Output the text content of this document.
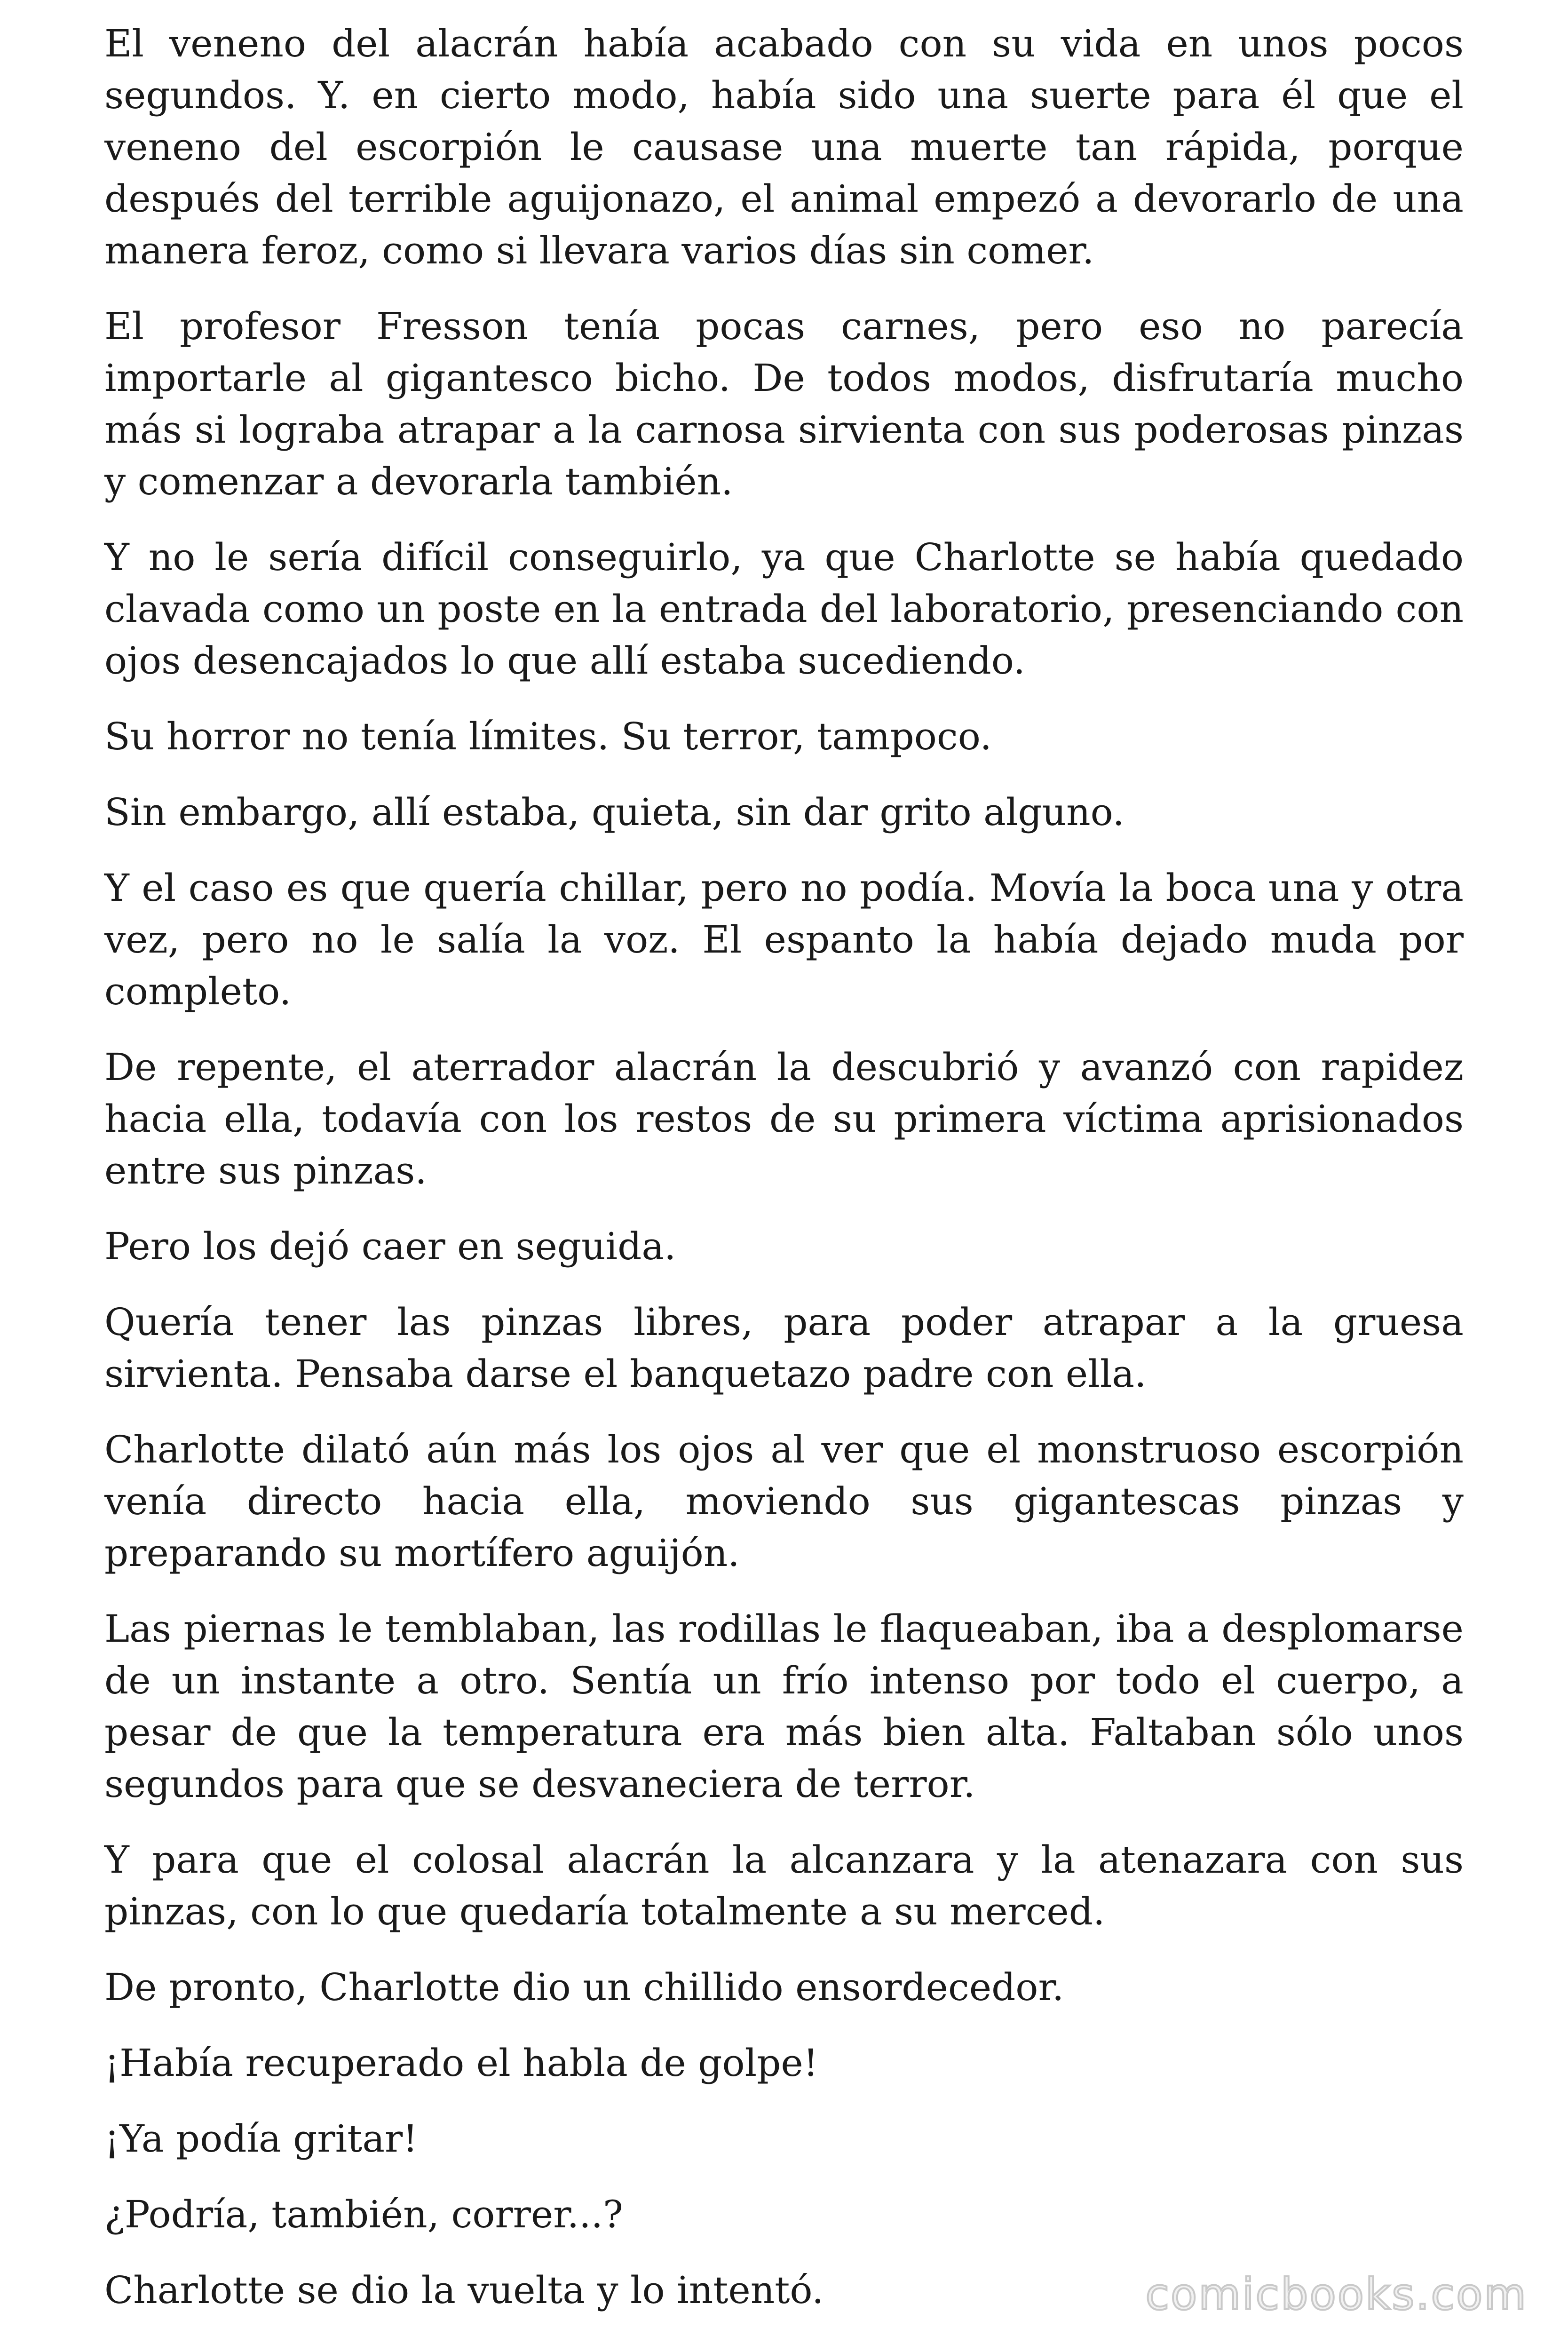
El veneno del alacrán había acabado con su vida en unos pocos segundos. Y. en cierto modo, había sido una suerte para él que el veneno del escorpión le causase una muerte tan rápida, porque después del terrible aguijonazo, el animal empezó a devorarlo de una manera feroz, como si llevara varios días sin comer.

El profesor Fresson tenía pocas carnes, pero eso no parecía importarle al gigantesco bicho. De todos modos, disfrutaría mucho más si lograba atrapar a la carnosa sirvienta con sus poderosas pinzas y comenzar a devorarla también.

Y no le sería difícil conseguirlo, ya que Charlotte se había quedado clavada como un poste en la entrada del laboratorio, presenciando con ojos desencajados lo que allí estaba sucediendo.

Su horror no tenía límites. Su terror, tampoco.

Sin embargo, allí estaba, quieta, sin dar grito alguno.

Y el caso es que quería chillar, pero no podía. Movía la boca una y otra vez, pero no le salía la voz. El espanto la había dejado muda por completo.

De repente, el aterrador alacrán la descubrió y avanzó con rapidez hacia ella, todavía con los restos de su primera víctima aprisionados entre sus pinzas.

Pero los dejó caer en seguida.

Quería tener las pinzas libres, para poder atrapar a la gruesa sirvienta. Pensaba darse el banquetazo padre con ella.

Charlotte dilató aún más los ojos al ver que el monstruoso escorpión venía directo hacia ella, moviendo sus gigantescas pinzas y preparando su mortífero aguijón.

Las piernas le temblaban, las rodillas le flaqueaban, iba a desplomarse de un instante a otro. Sentía un frío intenso por todo el cuerpo, a pesar de que la temperatura era más bien alta. Faltaban sólo unos segundos para que se desvaneciera de terror.

Y para que el colosal alacrán la alcanzara y la atenazara con sus pinzas, con lo que quedaría totalmente a su merced.

De pronto, Charlotte dio un chillido ensordecedor.

¡Había recuperado el habla de golpe!

¡Ya podía gritar!

¿Podría, también, correr...?

Charlotte se dio la vuelta y lo intentó.	comicbooks.com
